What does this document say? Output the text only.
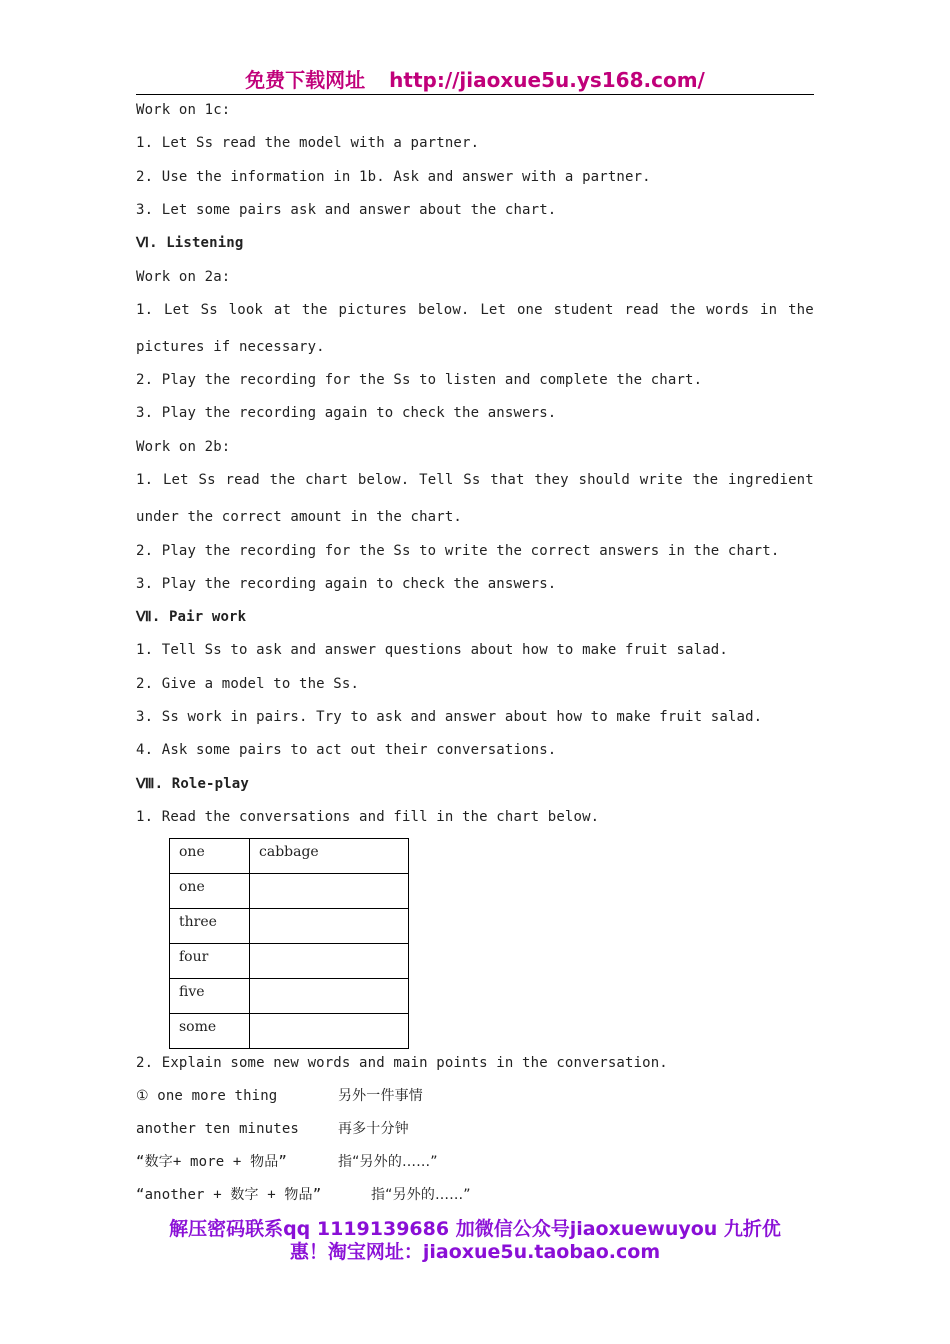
免费下载网址 http://jiaoxue5u.ys168.com/
Work on 1c:
1. Let Ss read the model with a partner.
2. Use the information in 1b. Ask and answer with a partner.
3. Let some pairs ask and answer about the chart.
Ⅵ. Listening
Work on 2a:
1. Let Ss look at the pictures below. Let one student read the words in the
pictures if necessary.
2. Play the recording for the Ss to listen and complete the chart.
3. Play the recording again to check the answers.
Work on 2b:
1. Let Ss read the chart below. Tell Ss that they should write the ingredient
under the correct amount in the chart.
2. Play the recording for the Ss to write the correct answers in the chart.
3. Play the recording again to check the answers.
Ⅶ. Pair work
1. Tell Ss to ask and answer questions about how to make fruit salad.
2. Give a model to the Ss.
3. Ss work in pairs. Try to ask and answer about how to make fruit salad.
4. Ask some pairs to act out their conversations.
Ⅷ. Role-play
1. Read the conversations and fill in the chart below.
one	cabbage
one	
three	
four	
five	
some	
2. Explain some new words and main points in the conversation.
① one more thing	另外一件事情
another ten minutes	再多十分钟
“数字+ more + 物品”	指“另外的……”
“another + 数字 + 物品”	指“另外的……”
解压密码联系qq 1119139686 加微信公众号jiaoxuewuyou 九折优
惠！淘宝网址：jiaoxue5u.taobao.com
